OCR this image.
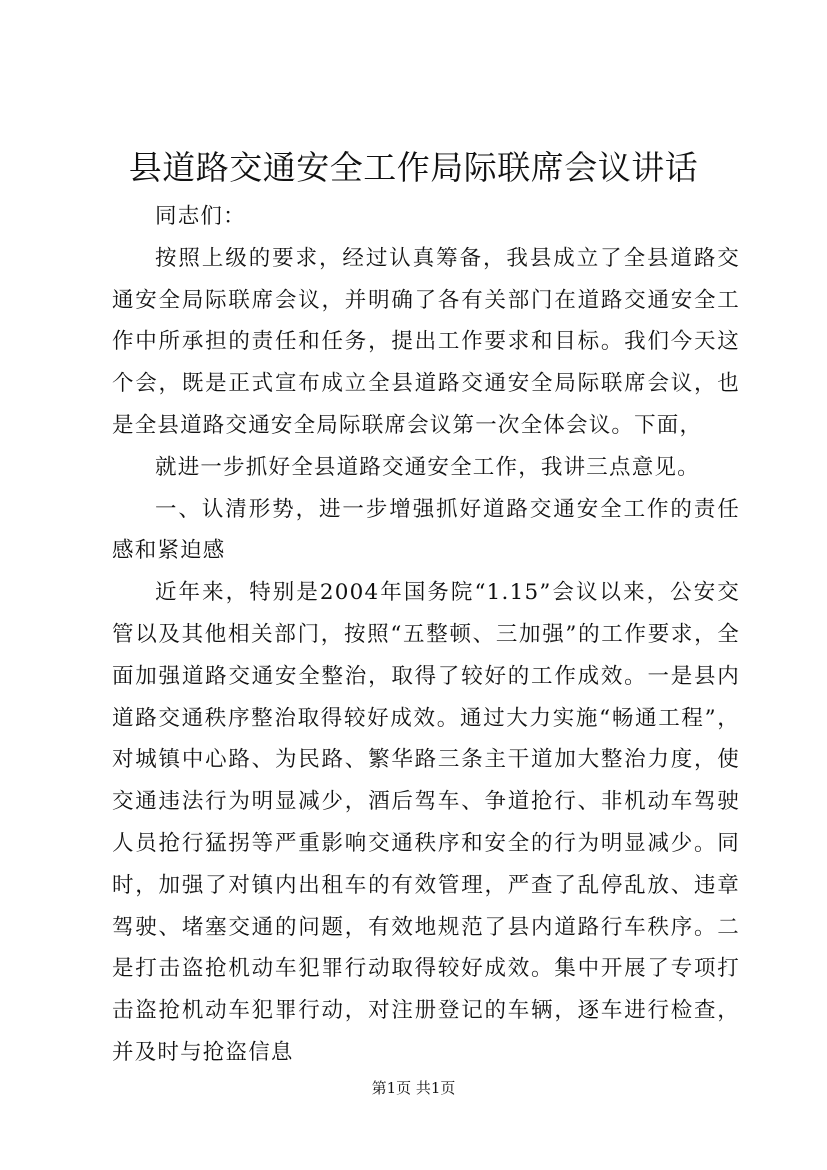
县道路交通安全工作局际联席会议讲话

同志们：

按照上级的要求，经过认真筹备，我县成立了全县道路交通安全局际联席会议，并明确了各有关部门在道路交通安全工作中所承担的责任和任务，提出工作要求和目标。我们今天这个会，既是正式宣布成立全县道路交通安全局际联席会议，也是全县道路交通安全局际联席会议第一次全体会议。下面，

就进一步抓好全县道路交通安全工作，我讲三点意见。

一、认清形势，进一步增强抓好道路交通安全工作的责任感和紧迫感

近年来，特别是2004年国务院“1.15”会议以来，公安交管以及其他相关部门，按照“五整顿、三加强”的工作要求，全面加强道路交通安全整治，取得了较好的工作成效。一是县内道路交通秩序整治取得较好成效。通过大力实施“畅通工程”，对城镇中心路、为民路、繁华路三条主干道加大整治力度，使交通违法行为明显减少，酒后驾车、争道抢行、非机动车驾驶人员抢行猛拐等严重影响交通秩序和安全的行为明显减少。同时，加强了对镇内出租车的有效管理，严查了乱停乱放、违章驾驶、堵塞交通的问题，有效地规范了县内道路行车秩序。二是打击盗抢机动车犯罪行动取得较好成效。集中开展了专项打击盗抢机动车犯罪行动，对注册登记的车辆，逐车进行检查，并及时与抢盗信息

第1页 共1页
